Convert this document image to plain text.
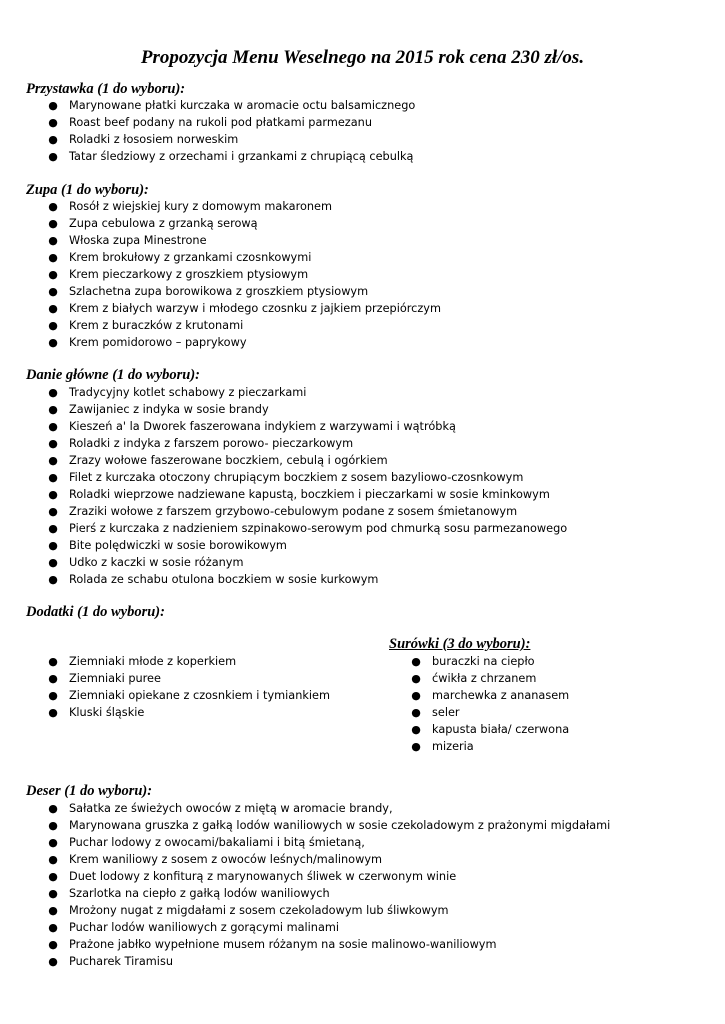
Propozycja Menu Weselnego na 2015 rok cena 230 zł/os.
Przystawka (1 do wyboru):
● Marynowane płatki kurczaka w aromacie octu balsamicznego
● Roast beef podany na rukoli pod płatkami parmezanu
● Roladki z łososiem norweskim
● Tatar śledziowy z orzechami i grzankami z chrupiącą cebulką
Zupa (1 do wyboru):
● Rosół z wiejskiej kury z domowym makaronem
● Zupa cebulowa z grzanką serową
● Włoska zupa Minestrone
● Krem brokułowy z grzankami czosnkowymi
● Krem pieczarkowy z groszkiem ptysiowym
● Szlachetna zupa borowikowa z groszkiem ptysiowym
● Krem z białych warzyw i młodego czosnku z jajkiem przepiórczym
● Krem z buraczków z krutonami
● Krem pomidorowo – paprykowy
Danie główne (1 do wyboru):
● Tradycyjny kotlet schabowy z pieczarkami
● Zawijaniec z indyka w sosie brandy
● Kieszeń a' la Dworek faszerowana indykiem z warzywami i wątróbką
● Roladki z indyka z farszem porowo- pieczarkowym
● Zrazy wołowe faszerowane boczkiem, cebulą i ogórkiem
● Filet z kurczaka otoczony chrupiącym boczkiem z sosem bazyliowo-czosnkowym
● Roladki wieprzowe nadziewane kapustą, boczkiem i pieczarkami w sosie kminkowym
● Zraziki wołowe z farszem grzybowo-cebulowym podane z sosem śmietanowym
● Pierś z kurczaka z nadzieniem szpinakowo-serowym pod chmurką sosu parmezanowego
● Bite polędwiczki w sosie borowikowym
● Udko z kaczki w sosie różanym
● Rolada ze schabu otulona boczkiem w sosie kurkowym
Dodatki (1 do wyboru):
● Ziemniaki młode z koperkiem
● Ziemniaki puree
● Ziemniaki opiekane z czosnkiem i tymiankiem
● Kluski śląskie
Surówki (3 do wyboru):
● buraczki na ciepło
● ćwikła z chrzanem
● marchewka z ananasem
● seler
● kapusta biała/ czerwona
● mizeria
Deser (1 do wyboru):
● Sałatka ze świeżych owoców z miętą w aromacie brandy,
● Marynowana gruszka z gałką lodów waniliowych w sosie czekoladowym z prażonymi migdałami
● Puchar lodowy z owocami/bakaliami i bitą śmietaną,
● Krem waniliowy z sosem z owoców leśnych/malinowym
● Duet lodowy z konfiturą z marynowanych śliwek w czerwonym winie
● Szarlotka na ciepło z gałką lodów waniliowych
● Mrożony nugat z migdałami z sosem czekoladowym lub śliwkowym
● Puchar lodów waniliowych z gorącymi malinami
● Prażone jabłko wypełnione musem różanym na sosie malinowo-waniliowym
● Pucharek Tiramisu
